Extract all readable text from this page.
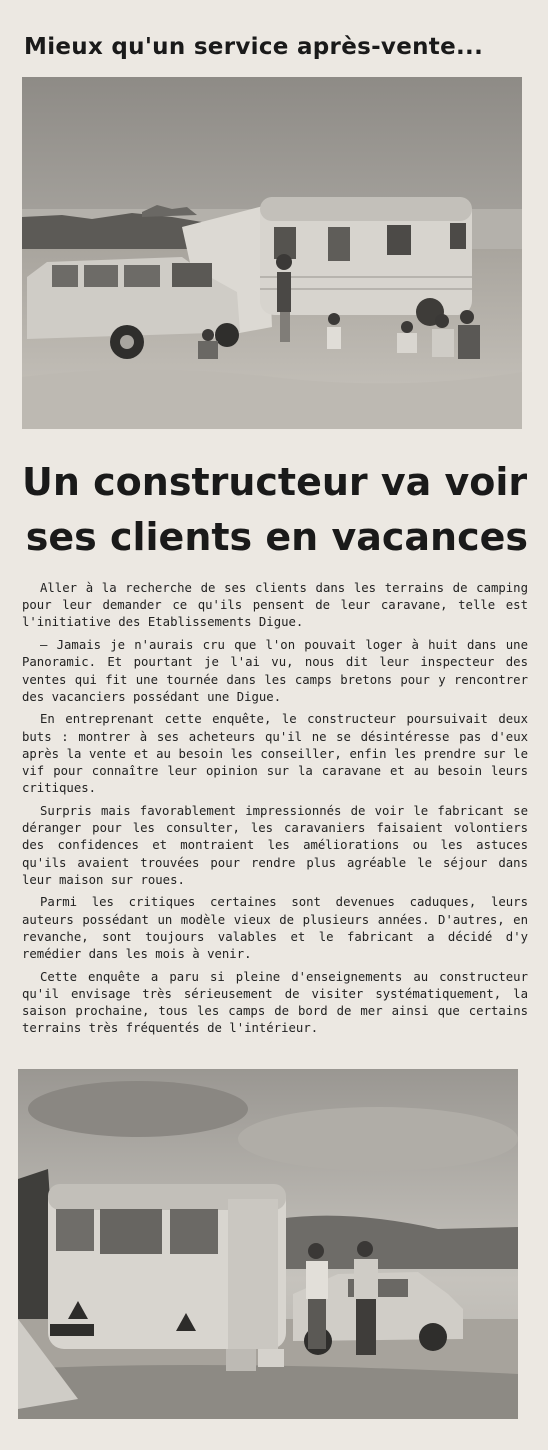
Mieux qu'un service après-vente...
Un constructeur va voir
ses clients en vacances

Aller à la recherche de ses clients dans les terrains de camping pour leur demander ce qu'ils pensent de leur caravane, telle est l'initiative des Etablissements Digue.

— Jamais je n'aurais cru que l'on pouvait loger à huit dans une Panoramic. Et pourtant je l'ai vu, nous dit leur inspecteur des ventes qui fit une tournée dans les camps bretons pour y rencontrer des vacanciers possédant une Digue.

En entreprenant cette enquête, le constructeur poursuivait deux buts : montrer à ses acheteurs qu'il ne se désintéresse pas d'eux après la vente et au besoin les conseiller, enfin les prendre sur le vif pour connaître leur opinion sur la caravane et au besoin leurs critiques.

Surpris mais favorablement impressionnés de voir le fabricant se déranger pour les consulter, les caravaniers faisaient volontiers des confidences et montraient les améliorations ou les astuces qu'ils avaient trouvées pour rendre plus agréable le séjour dans leur maison sur roues.

Parmi les critiques certaines sont devenues caduques, leurs auteurs possédant un modèle vieux de plusieurs années. D'autres, en revanche, sont toujours valables et le fabricant a décidé d'y remédier dans les mois à venir.

Cette enquête a paru si pleine d'enseignements au constructeur qu'il envisage très sérieusement de visiter systématiquement, la saison prochaine, tous les camps de bord de mer ainsi que certains terrains très fréquentés de l'intérieur.
